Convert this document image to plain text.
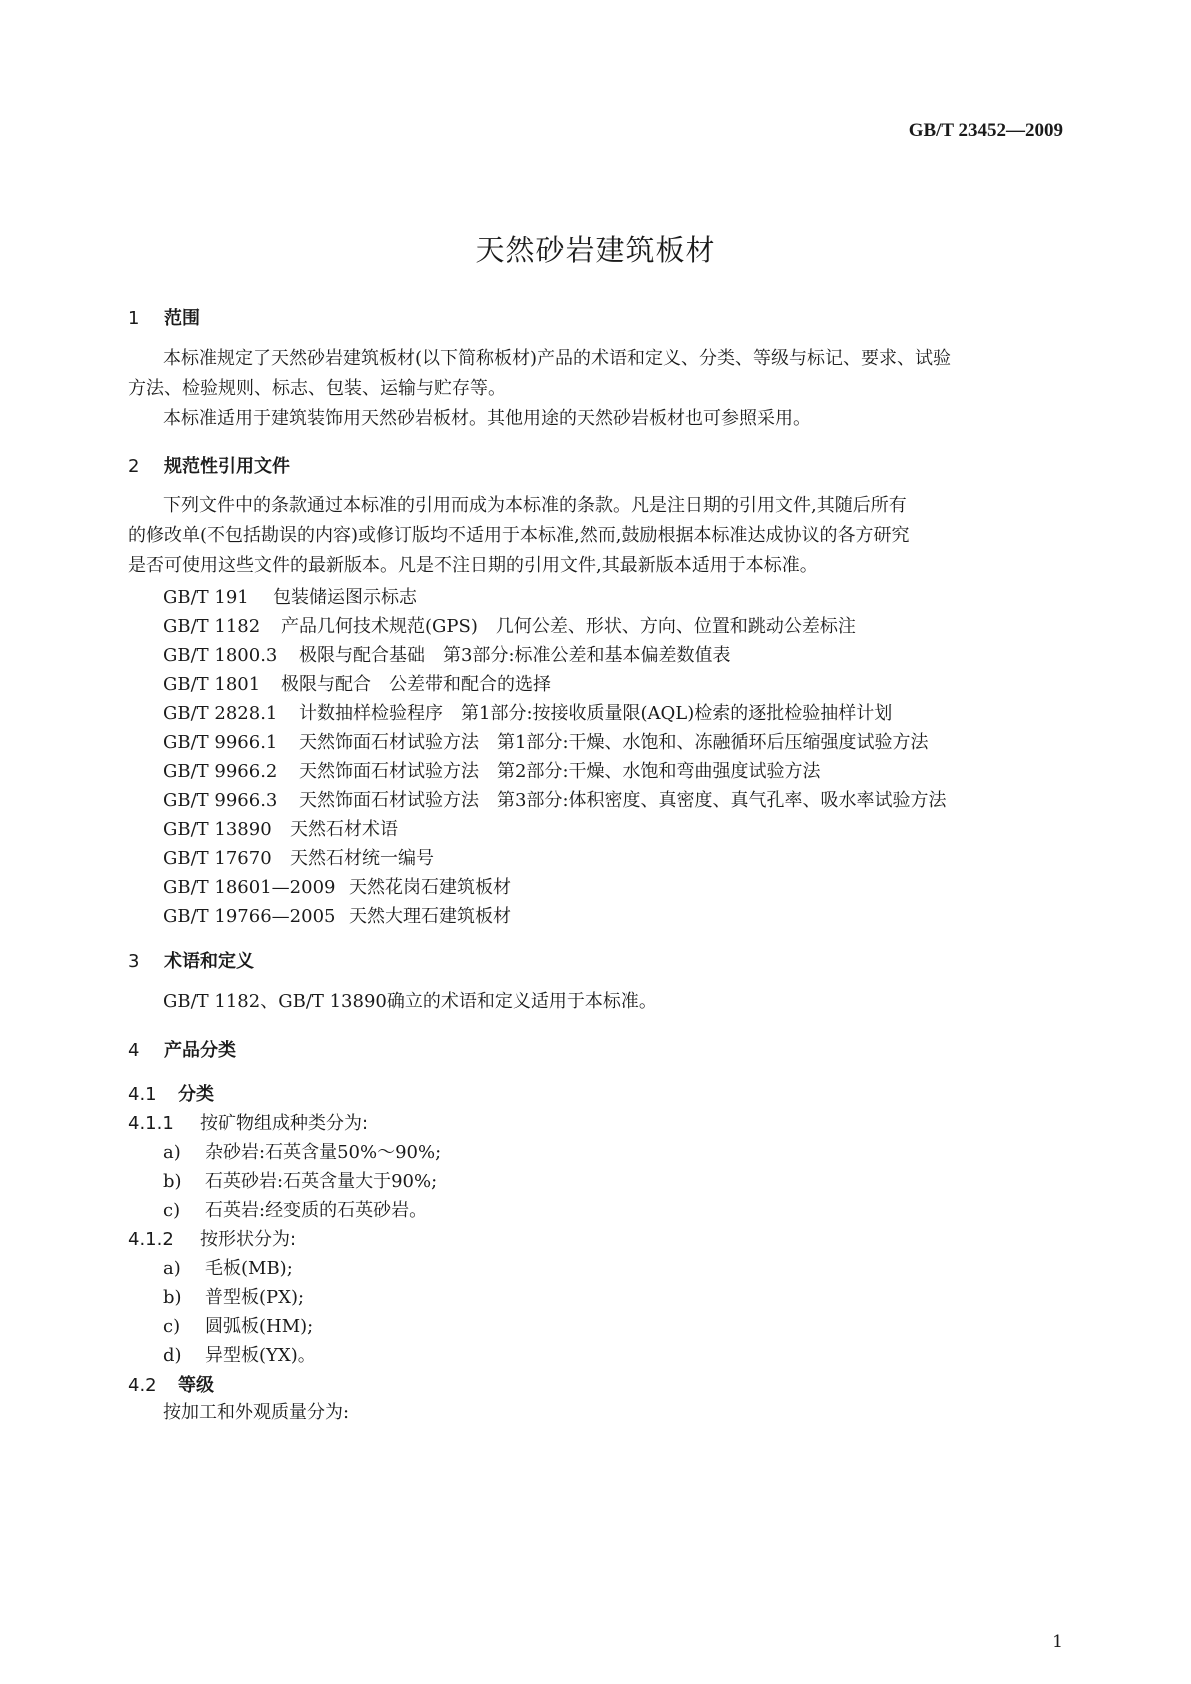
GB/T 23452—2009
天然砂岩建筑板材
1 范围
本标准规定了天然砂岩建筑板材(以下简称板材)产品的术语和定义、分类、等级与标记、要求、试验
方法、检验规则、标志、包装、运输与贮存等。
本标准适用于建筑装饰用天然砂岩板材。其他用途的天然砂岩板材也可参照采用。
2 规范性引用文件
下列文件中的条款通过本标准的引用而成为本标准的条款。凡是注日期的引用文件,其随后所有
的修改单(不包括勘误的内容)或修订版均不适用于本标准,然而,鼓励根据本标准达成协议的各方研究
是否可使用这些文件的最新版本。凡是不注日期的引用文件,其最新版本适用于本标准。
GB/T 191 包装储运图示标志
GB/T 1182 产品几何技术规范(GPS)　几何公差、形状、方向、位置和跳动公差标注
GB/T 1800.3 极限与配合基础　第3部分:标准公差和基本偏差数值表
GB/T 1801 极限与配合　公差带和配合的选择
GB/T 2828.1 计数抽样检验程序　第1部分:按接收质量限(AQL)检索的逐批检验抽样计划
GB/T 9966.1 天然饰面石材试验方法　第1部分:干燥、水饱和、冻融循环后压缩强度试验方法
GB/T 9966.2 天然饰面石材试验方法　第2部分:干燥、水饱和弯曲强度试验方法
GB/T 9966.3 天然饰面石材试验方法　第3部分:体积密度、真密度、真气孔率、吸水率试验方法
GB/T 13890 天然石材术语
GB/T 17670 天然石材统一编号
GB/T 18601—2009 天然花岗石建筑板材
GB/T 19766—2005 天然大理石建筑板材
3 术语和定义
GB/T 1182、GB/T 13890确立的术语和定义适用于本标准。
4 产品分类
4.1 分类
4.1.1 按矿物组成种类分为:
a) 杂砂岩:石英含量50%～90%;
b) 石英砂岩:石英含量大于90%;
c) 石英岩:经变质的石英砂岩。
4.1.2 按形状分为:
a) 毛板(MB);
b) 普型板(PX);
c) 圆弧板(HM);
d) 异型板(YX)。
4.2 等级
按加工和外观质量分为:
1
